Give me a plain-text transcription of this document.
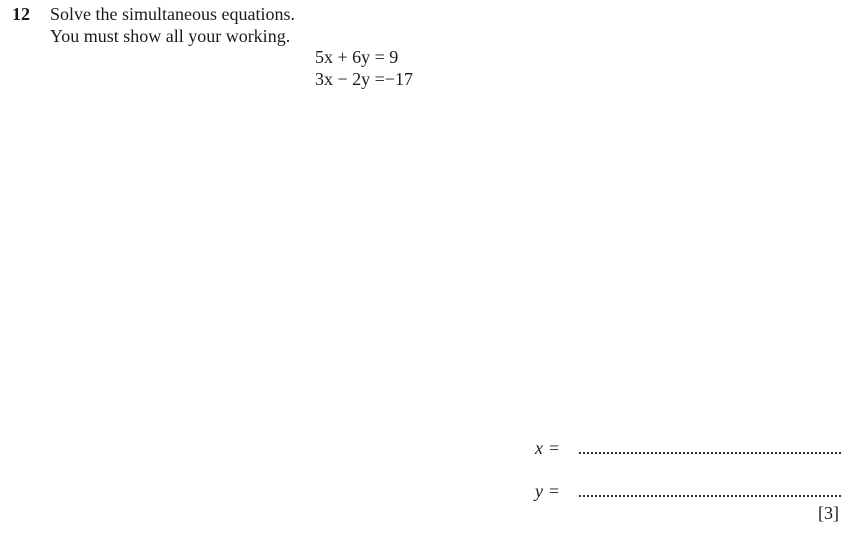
12 Solve the simultaneous equations.
You must show all your working.
5x + 6y = 9
3x − 2y =−17
x =
y =
[3]
